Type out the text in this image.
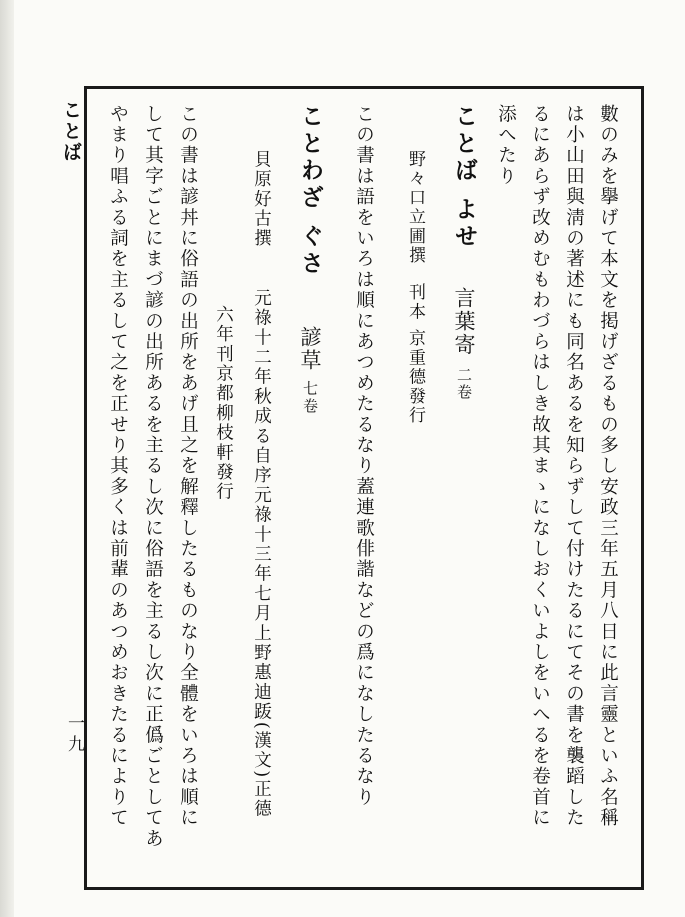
ことば
一九	數のみを擧げて本文を掲げざるもの多し安政三年五月八日に此言靈といふ名稱
は小山田與淸の著述にも同名あるを知らずして付けたるにてその書を襲蹈した
るにあらず改めむもわづらはしき故其まゝになしおくいよしをいへるを卷首に
添へたり
ことば よせ言葉寄二卷
野々口立圃撰刊本 京重德發行
この書は語をいろは順にあつめたるなり蓋連歌俳諧などの爲になしたるなり
ことわざ ぐさ諺草七卷
貝原好古撰元祿十二年秋成る自序元祿十三年七月上野惠迪䟦(漢文)正德
六年刊京都柳枝軒發行
この書は諺丼に俗語の出所をあげ且之を解釋したるものなり全體をいろは順に
して其字ごとにまづ諺の出所あるを主るし次に俗語を主るし次に正僞ごとしてあ
やまり唱ふる詞を主るして之を正せり其多くは前輩のあつめおきたるによりて
